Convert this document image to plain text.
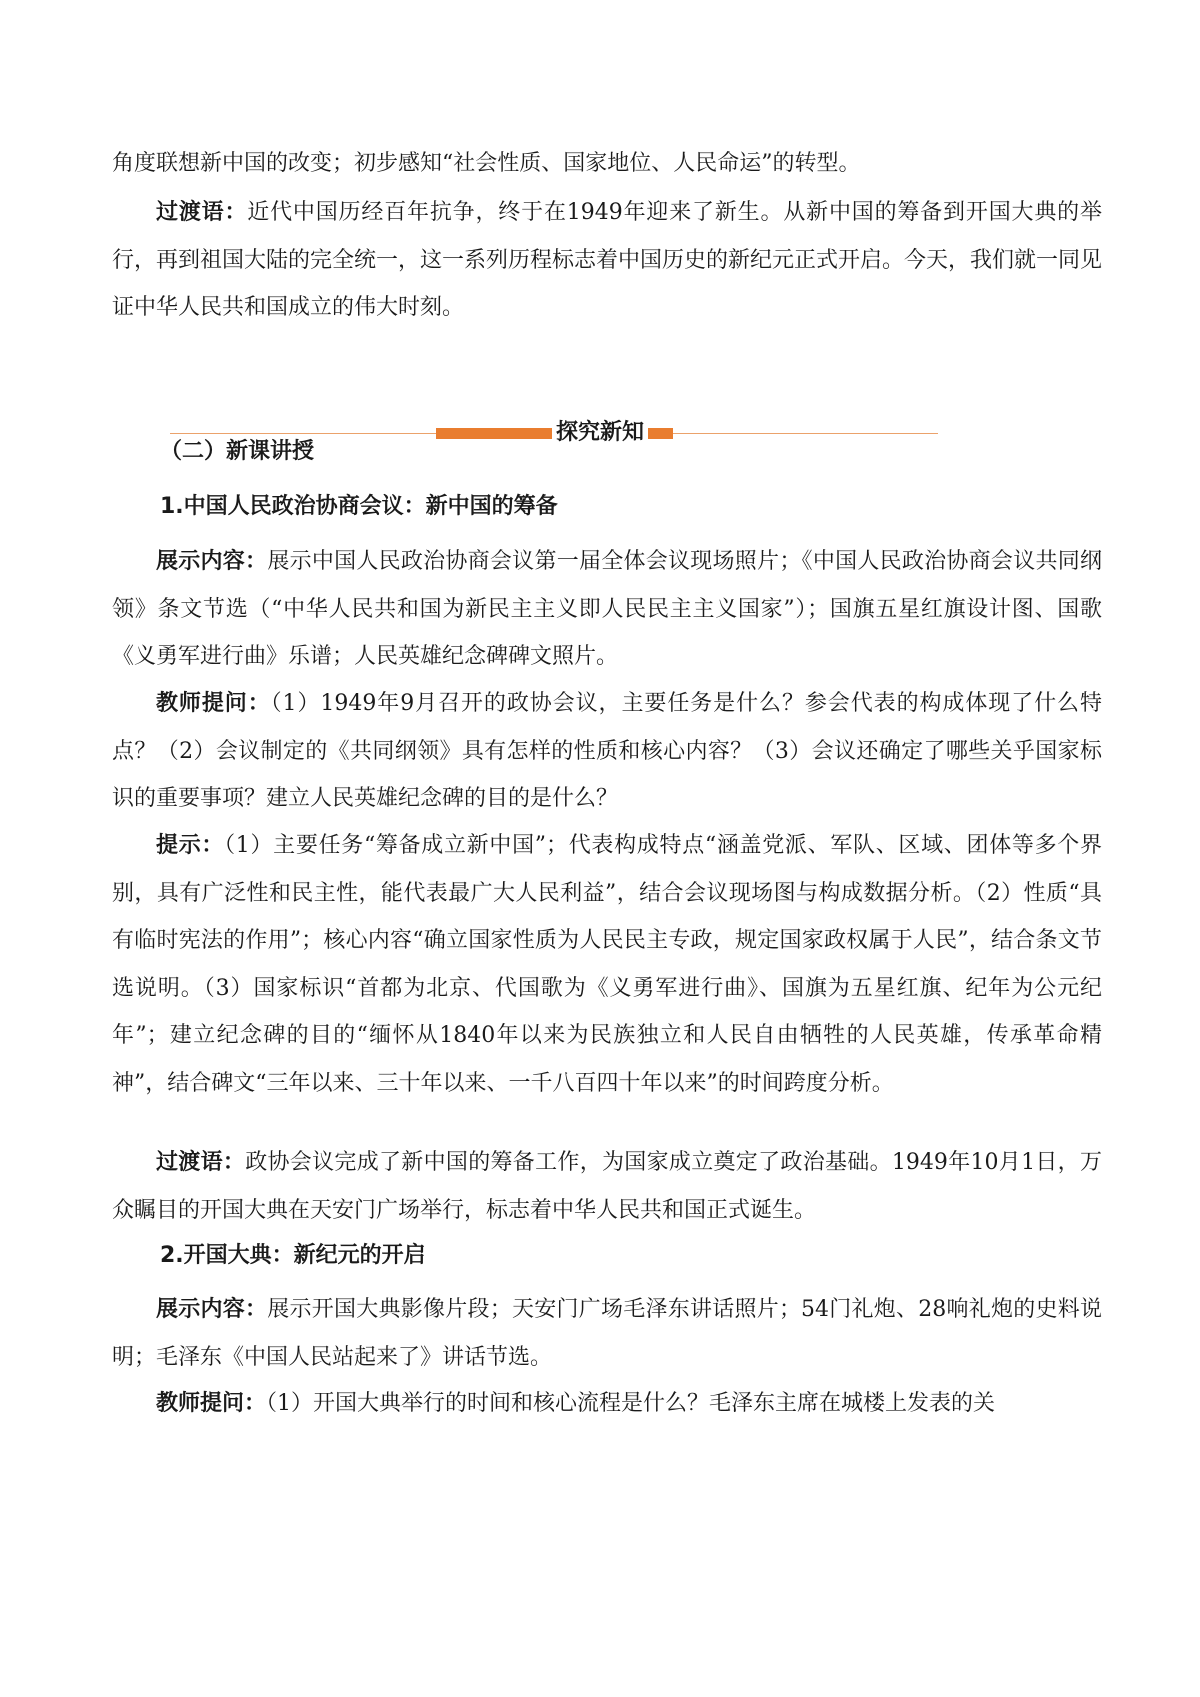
角度联想新中国的改变；初步感知“社会性质、国家地位、人民命运”的转型。

过渡语：近代中国历经百年抗争，终于在1949年迎来了新生。从新中国的筹备到开国大典的举行，再到祖国大陆的完全统一，这一系列历程标志着中国历史的新纪元正式开启。今天，我们就一同见证中华人民共和国成立的伟大时刻。

探究新知

（二）新课讲授

1.中国人民政治协商会议：新中国的筹备

展示内容：展示中国人民政治协商会议第一届全体会议现场照片；《中国人民政治协商会议共同纲领》条文节选（“中华人民共和国为新民主主义即人民民主主义国家”）；国旗五星红旗设计图、国歌《义勇军进行曲》乐谱；人民英雄纪念碑碑文照片。

教师提问：（1）1949年9月召开的政协会议，主要任务是什么？参会代表的构成体现了什么特点？（2）会议制定的《共同纲领》具有怎样的性质和核心内容？（3）会议还确定了哪些关乎国家标识的重要事项？建立人民英雄纪念碑的目的是什么？

提示：（1）主要任务“筹备成立新中国”；代表构成特点“涵盖党派、军队、区域、团体等多个界别，具有广泛性和民主性，能代表最广大人民利益”，结合会议现场图与构成数据分析。（2）性质“具有临时宪法的作用”；核心内容“确立国家性质为人民民主专政，规定国家政权属于人民”，结合条文节选说明。（3）国家标识“首都为北京、代国歌为《义勇军进行曲》、国旗为五星红旗、纪年为公元纪年”；建立纪念碑的目的“缅怀从1840年以来为民族独立和人民自由牺牲的人民英雄，传承革命精神”，结合碑文“三年以来、三十年以来、一千八百四十年以来”的时间跨度分析。

过渡语：政协会议完成了新中国的筹备工作，为国家成立奠定了政治基础。1949年10月1日，万众瞩目的开国大典在天安门广场举行，标志着中华人民共和国正式诞生。

2.开国大典：新纪元的开启

展示内容：展示开国大典影像片段；天安门广场毛泽东讲话照片；54门礼炮、28响礼炮的史料说明；毛泽东《中国人民站起来了》讲话节选。

教师提问：（1）开国大典举行的时间和核心流程是什么？毛泽东主席在城楼上发表的关
